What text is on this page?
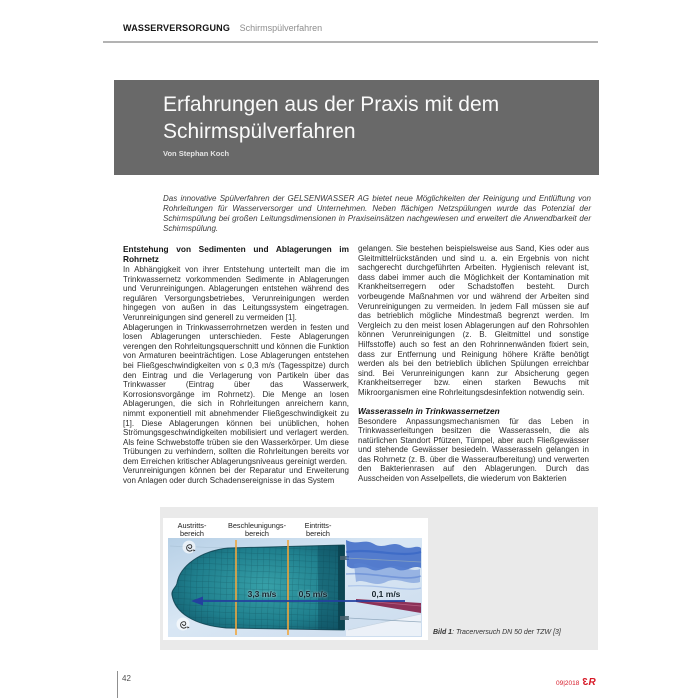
WASSERVERSORGUNG Schirmspülverfahren
Erfahrungen aus der Praxis mit dem Schirmspülverfahren
Von Stephan Koch
Das innovative Spülverfahren der GELSENWASSER AG bietet neue Möglichkeiten der Reinigung und Entlüftung von Rohrleitungen für Wasserversorger und Unternehmen. Neben flächigen Netzspülungen wurde das Potenzial der Schirmspülung bei großen Leitungsdimensionen in Praxiseinsätzen nachgewiesen und erweitert die Anwendbarkeit der Schirmspülung.
Entstehung von Sedimenten und Ablagerungen im Rohrnetz

In Abhängigkeit von ihrer Entstehung unterteilt man die im Trinkwassernetz vorkommenden Sedimente in Ablagerungen und Verunreinigungen. Ablagerungen entstehen während des regulären Versorgungsbetriebes, Verunreinigungen werden hingegen von außen in das Leitungssystem eingetragen. Verunreinigungen sind generell zu vermeiden [1].

Ablagerungen in Trinkwasserrohrnetzen werden in festen und losen Ablagerungen unterschieden. Feste Ablagerungen verengen den Rohrleitungsquerschnitt und können die Funktion von Armaturen beeinträchtigen. Lose Ablagerungen entstehen bei Fließgeschwindigkeiten von ≤ 0,3 m/s (Tagesspitze) durch den Eintrag und die Verlagerung von Partikeln über das Trinkwasser (Eintrag über das Wasserwerk, Korrosionsvorgänge im Rohrnetz). Die Menge an losen Ablagerungen, die sich in Rohrleitungen anreichern kann, nimmt exponentiell mit abnehmender Fließgeschwindigkeit zu [1]. Diese Ablagerungen können bei unüblichen, hohen Strömungsgeschwindigkeiten mobilisiert und verlagert werden. Als feine Schwebstoffe trüben sie den Wasserkörper. Um diese Trübungen zu verhindern, sollten die Rohrleitungen bereits vor dem Erreichen kritischer Ablagerungsniveaus gereinigt werden.

Verunreinigungen können bei der Reparatur und Erweiterung von Anlagen oder durch Schadensereignisse in das System

gelangen. Sie bestehen beispielsweise aus Sand, Kies oder aus Gleitmittelrückständen und sind u. a. ein Ergebnis von nicht sachgerecht durchgeführten Arbeiten. Hygienisch relevant ist, dass dabei immer auch die Möglichkeit der Kontamination mit Krankheitserregern oder Schadstoffen besteht. Durch vorbeugende Maßnahmen vor und während der Arbeiten sind Verunreinigungen zu vermeiden. In jedem Fall müssen sie auf das betrieblich mögliche Mindestmaß begrenzt werden. Im Vergleich zu den meist losen Ablagerungen auf den Rohrsohlen können Verunreinigungen (z. B. Gleitmittel und sonstige Hilfsstoffe) auch so fest an den Rohrinnenwänden fixiert sein, dass zur Entfernung und Reinigung höhere Kräfte benötigt werden als bei den betrieblich üblichen Spülungen erreichbar sind. Bei Verunreinigungen kann zur Absicherung gegen Krankheitserreger bzw. einen starken Bewuchs mit Mikroorganismen eine Rohrleitungsdesinfektion notwendig sein.

Wasserasseln in Trinkwassernetzen

Besondere Anpassungsmechanismen für das Leben in Trinkwasserleitungen besitzen die Wasserasseln, die als natürlichen Standort Pfützen, Tümpel, aber auch Fließgewässer und stehende Gewässer besiedeln. Wasserasseln gelangen in das Rohrnetz (z. B. über die Wasseraufbereitung) und verwerten den Bakterienrasen auf den Ablagerungen. Durch das Ausscheiden von Asselpellets, die wiederum von Bakterien

Austritts-
bereich
Beschleunigungs-
bereich
Eintritts-
bereich
3,3 m/s	0,5 m/s	0,1 m/s
Bild 1: Tracerversuch DN 50 der TZW [3]
42
09|2018 3R
